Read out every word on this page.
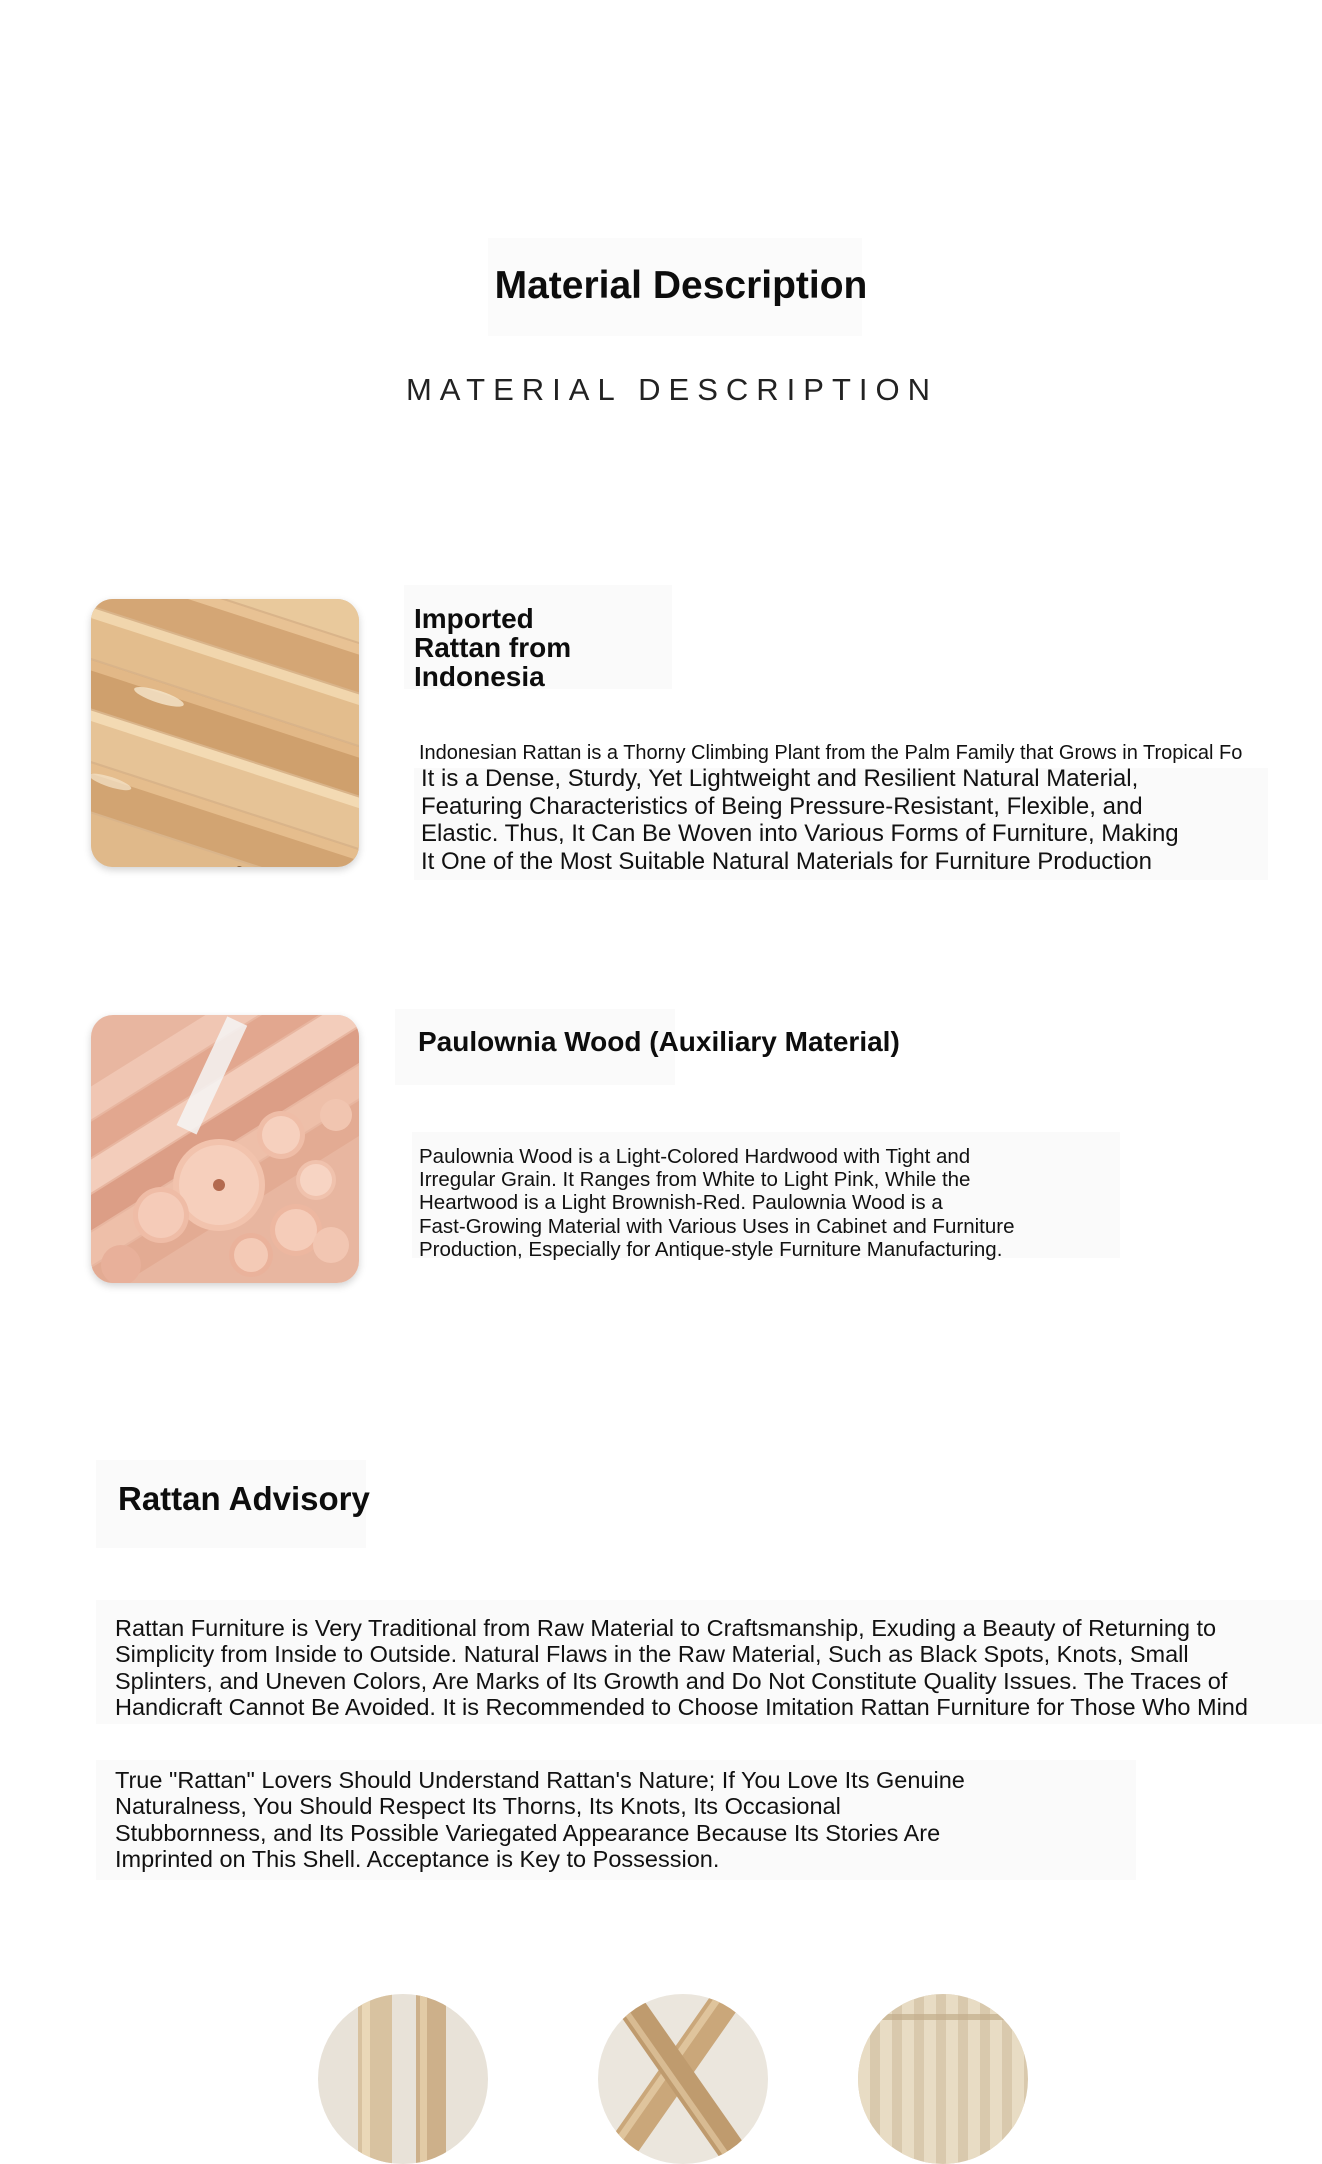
Material Description
MATERIAL DESCRIPTION
Imported
Rattan from
Indonesia
Indonesian Rattan is a Thorny Climbing Plant from the Palm Family that Grows in Tropical Fo
It is a Dense, Sturdy, Yet Lightweight and Resilient Natural Material,
Featuring Characteristics of Being Pressure-Resistant, Flexible, and
Elastic. Thus, It Can Be Woven into Various Forms of Furniture, Making
It One of the Most Suitable Natural Materials for Furniture Production
Paulownia Wood (Auxiliary Material)
Paulownia Wood is a Light-Colored Hardwood with Tight and
Irregular Grain. It Ranges from White to Light Pink, While the
Heartwood is a Light Brownish-Red. Paulownia Wood is a
Fast-Growing Material with Various Uses in Cabinet and Furniture
Production, Especially for Antique-style Furniture Manufacturing.
Rattan Advisory
Rattan Furniture is Very Traditional from Raw Material to Craftsmanship, Exuding a Beauty of Returning to
Simplicity from Inside to Outside. Natural Flaws in the Raw Material, Such as Black Spots, Knots, Small
Splinters, and Uneven Colors, Are Marks of Its Growth and Do Not Constitute Quality Issues. The Traces of
Handicraft Cannot Be Avoided. It is Recommended to Choose Imitation Rattan Furniture for Those Who Mind
True "Rattan" Lovers Should Understand Rattan's Nature; If You Love Its Genuine
Naturalness, You Should Respect Its Thorns, Its Knots, Its Occasional
Stubbornness, and Its Possible Variegated Appearance Because Its Stories Are
Imprinted on This Shell. Acceptance is Key to Possession.
